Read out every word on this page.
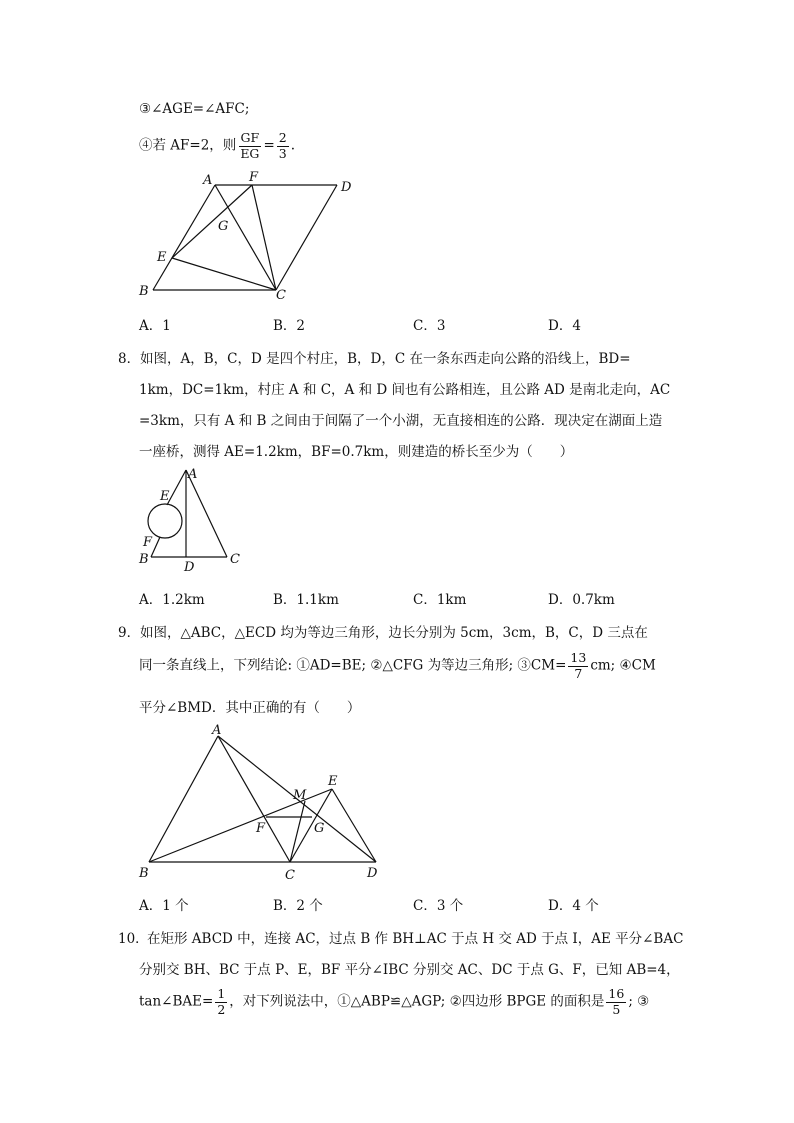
③∠AGE=∠AFC;
④若 AF=2，则 $\frac{GF}{EG} = \frac{2}{3}$ .
A	F
D
G
E
B	C
A．1	B．2	C．3	D．4
8． 如图，A，B，C，D 是四个村庄，B，D，C 在一条东西走向公路的沿线上，BD=
1km，DC=1km，村庄 A 和 C，A 和 D 间也有公路相连，且公路 AD 是南北走向，AC
=3km，只有 A 和 B 之间由于间隔了一个小湖，无直接相连的公路．现决定在湖面上造
一座桥，测得 AE=1.2km，BF=0.7km，则建造的桥长至少为（　　）
A
E
F
B
D
C
A．1.2km	B．1.1km	C．1km	D．0.7km
9． 如图，△ABC，△ECD 均为等边三角形，边长分别为 5cm，3cm，B，C，D 三点在
同一条直线上，下列结论: ①AD=BE; ②△CFG 为等边三角形; ③CM= $\frac{13}{7}$ cm; ④CM
平分∠BMD．其中正确的有（　　）
A
E
M
F	G
B	C	D
A．1 个	B．2 个	C．3 个	D．4 个
10．
在矩形 ABCD 中，连接 AC，过点 B 作 BH⊥AC 于点 H 交 AD 于点 I，AE 平分∠BAC
分别交 BH、BC 于点 P、E，BF 平分∠IBC 分别交 AC、DC 于点 G、F，已知 AB=4，
tan∠BAE= $\frac{1}{2}$ ，对下列说法中，①△ABP≌△AGP; ②四边形 BPGE 的面积是 $\frac{16}{5}$ ; ③
